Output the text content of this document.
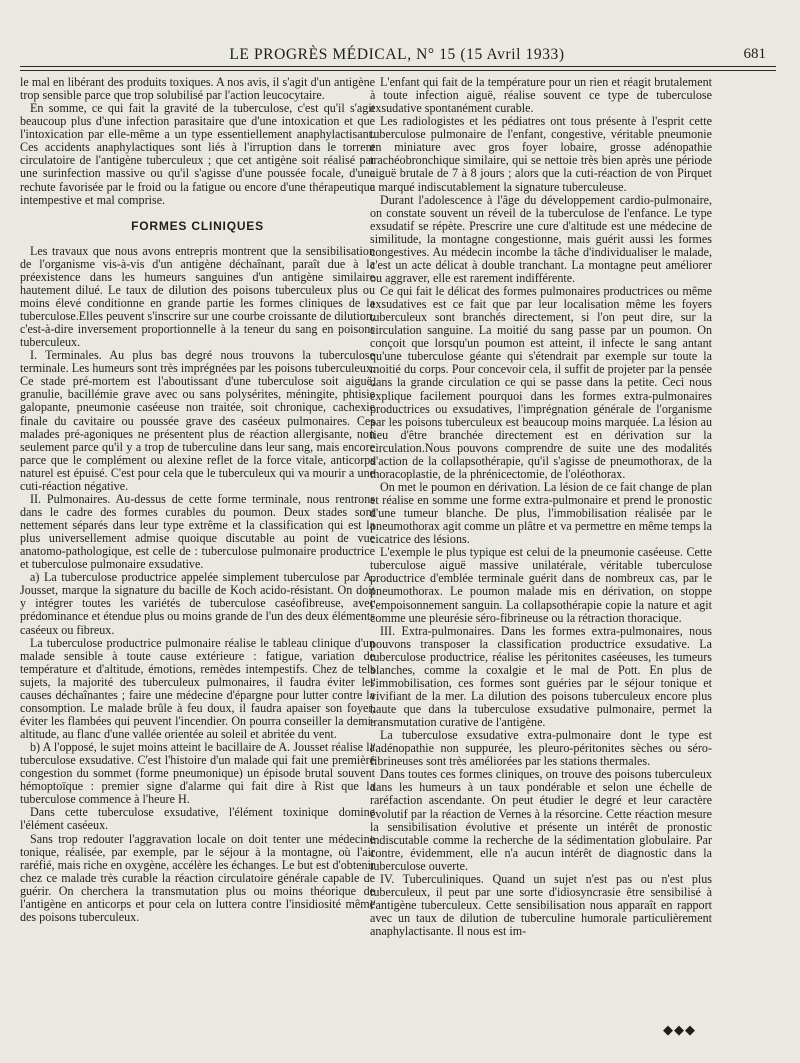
LE PROGRÈS MÉDICAL, N° 15 (15 Avril 1933)	681

le mal en libérant des produits toxiques. A nos avis, il s'agit d'un antigène trop sensible parce que trop solubilisé par l'action leucocytaire.

En somme, ce qui fait la gravité de la tuberculose, c'est qu'il s'agit beaucoup plus d'une infection parasitaire que d'une intoxication et que l'intoxication par elle-même a un type essentiellement anaphylactisant. Ces accidents anaphylactiques sont liés à l'irruption dans le torrent circulatoire de l'antigène tuberculeux ; que cet antigène soit réalisé par une surinfection massive ou qu'il s'agisse d'une poussée focale, d'une rechute favorisée par le froid ou la fatigue ou encore d'une thérapeutique intempestive et mal comprise.

FORMES CLINIQUES

Les travaux que nous avons entrepris montrent que la sensibilisation de l'organisme vis-à-vis d'un antigène déchaînant, paraît due à la préexistence dans les humeurs sanguines d'un antigène similaire hautement dilué. Le taux de dilution des poisons tuberculeux plus ou moins élevé conditionne en grande partie les formes cliniques de la tuberculose.Elles peuvent s'inscrire sur une courbe croissante de dilution, c'est-à-dire inversement proportionnelle à la teneur du sang en poisons tuberculeux.

I. Terminales. Au plus bas degré nous trouvons la tuberculose terminale. Les humeurs sont très imprégnées par les poisons tuberculeux. Ce stade pré-mortem est l'aboutissant d'une tuberculose soit aiguë, granulie, bacillémie grave avec ou sans polysérites, méningite, phtisie galopante, pneumonie caséeuse non traitée, soit chronique, cachexie finale du cavitaire ou poussée grave des caséeux pulmonaires. Ces malades pré-agoniques ne présentent plus de réaction allergisante, non seulement parce qu'il y a trop de tuberculine dans leur sang, mais encore parce que le complément ou alexine reflet de la force vitale, anticorps naturel est épuisé. C'est pour cela que le tuberculeux qui va mourir a une cuti-réaction négative.

II. Pulmonaires. Au-dessus de cette forme terminale, nous rentrons dans le cadre des formes curables du poumon. Deux stades sont nettement séparés dans leur type extrême et la classification qui est la plus universellement admise quoique discutable au point de vue anatomo-pathologique, est celle de : tuberculose pulmonaire productrice et tuberculose pulmonaire exsudative.

a) La tuberculose productrice appelée simplement tuberculose par A. Jousset, marque la signature du bacille de Koch acido-résistant. On doit y intégrer toutes les variétés de tuberculose caséofibreuse, avec prédominance et étendue plus ou moins grande de l'un des deux éléments caséeux ou fibreux.

La tuberculose productrice pulmonaire réalise le tableau clinique d'un malade sensible à toute cause extérieure : fatigue, variation de température et d'altitude, émotions, remèdes intempestifs. Chez de tels sujets, la majorité des tuberculeux pulmonaires, il faudra éviter les causes déchaînantes ; faire une médecine d'épargne pour lutter contre la consomption. Le malade brûle à feu doux, il faudra apaiser son foyer, éviter les flambées qui peuvent l'incendier. On pourra conseiller la demi-altitude, au flanc d'une vallée orientée au soleil et abritée du vent.

b) A l'opposé, le sujet moins atteint le bacillaire de A. Jousset réalise la tuberculose exsudative. C'est l'histoire d'un malade qui fait une première congestion du sommet (forme pneumonique) un épisode brutal souvent hémoptoïque : premier signe d'alarme qui fait dire à Rist que la tuberculose commence à l'heure H.

Dans cette tuberculose exsudative, l'élément toxinique domine l'élément caséeux.

Sans trop redouter l'aggravation locale on doit tenter une médecine tonique, réalisée, par exemple, par le séjour à la montagne, où l'air raréfié, mais riche en oxygène, accélère les échanges. Le but est d'obtenir chez ce malade très curable la réaction circulatoire générale capable de guérir. On cherchera la transmutation plus ou moins théorique de l'antigène en anticorps et pour cela on luttera contre l'insidiosité même des poisons tuberculeux.

L'enfant qui fait de la température pour un rien et réagit brutalement à toute infection aiguë, réalise souvent ce type de tuberculose exsudative spontanément curable.

Les radiologistes et les pédiatres ont tous présente à l'esprit cette tuberculose pulmonaire de l'enfant, congestive, véritable pneumonie en miniature avec gros foyer lobaire, grosse adénopathie trachéobronchique similaire, qui se nettoie très bien après une période aiguë brutale de 7 à 8 jours ; alors que la cuti-réaction de von Pirquet a marqué indiscutablement la signature tuberculeuse.

Durant l'adolescence à l'âge du développement cardio-pulmonaire, on constate souvent un réveil de la tuberculose de l'enfance. Le type exsudatif se répète. Prescrire une cure d'altitude est une médecine de similitude, la montagne congestionne, mais guérit aussi les formes congestives. Au médecin incombe la tâche d'individualiser le malade, c'est un acte délicat à double tranchant. La montagne peut améliorer ou aggraver, elle est rarement indifférente.

Ce qui fait le délicat des formes pulmonaires productrices ou même exsudatives est ce fait que par leur localisation même les foyers tuberculeux sont branchés directement, si l'on peut dire, sur la circulation sanguine. La moitié du sang passe par un poumon. On conçoit que lorsqu'un poumon est atteint, il infecte le sang antant qu'une tuberculose géante qui s'étendrait par exemple sur toute la moitié du corps. Pour concevoir cela, il suffit de projeter par la pensée dans la grande circulation ce qui se passe dans la petite. Ceci nous explique facilement pourquoi dans les formes extra-pulmonaires productrices ou exsudatives, l'imprégnation générale de l'organisme par les poisons tuberculeux est beaucoup moins marquée. La lésion au lieu d'être branchée directement est en dérivation sur la circulation.Nous pouvons comprendre de suite une des modalités d'action de la collapsothérapie, qu'il s'agisse de pneumothorax, de la thoracoplastie, de la phrénicectomie, de l'oléothorax.

On met le poumon en dérivation. La lésion de ce fait change de plan et réalise en somme une forme extra-pulmonaire et prend le pronostic d'une tumeur blanche. De plus, l'immobilisation réalisée par le pneumothorax agit comme un plâtre et va permettre en même temps la cicatrice des lésions.

L'exemple le plus typique est celui de la pneumonie caséeuse. Cette tuberculose aiguë massive unilatérale, véritable tuberculose productrice d'emblée terminale guérit dans de nombreux cas, par le pneumothorax. Le poumon malade mis en dérivation, on stoppe l'empoisonnement sanguin. La collapsothérapie copie la nature et agit comme une pleurésie séro-fibrineuse ou la rétraction thoracique.

III. Extra-pulmonaires. Dans les formes extra-pulmonaires, nous pouvons transposer la classification productrice exsudative. La tuberculose productrice, réalise les péritonites caséeuses, les tumeurs blanches, comme la coxalgie et le mal de Pott. En plus de l'immobilisation, ces formes sont guéries par le séjour tonique et vivifiant de la mer. La dilution des poisons tuberculeux encore plus haute que dans la tuberculose exsudative pulmonaire, permet la transmutation curative de l'antigène.

La tuberculose exsudative extra-pulmonaire dont le type est l'adénopathie non suppurée, les pleuro-péritonites sèches ou séro-fibrineuses sont très améliorées par les stations thermales.

Dans toutes ces formes cliniques, on trouve des poisons tuberculeux dans les humeurs à un taux pondérable et selon une échelle de raréfaction ascendante. On peut étudier le degré et leur caractère évolutif par la réaction de Vernes à la résorcine. Cette réaction mesure la sensibilisation évolutive et présente un intérêt de pronostic indiscutable comme la recherche de la sédimentation globulaire. Par contre, évidemment, elle n'a aucun intérêt de diagnostic dans la tuberculose ouverte.

IV. Tuberculiniques. Quand un sujet n'est pas ou n'est plus tuberculeux, il peut par une sorte d'idiosyncrasie être sensibilisé à l'antigène tuberculeux. Cette sensibilisation nous apparaît en rapport avec un taux de dilution de tuberculine humorale particulièrement anaphylactisante. Il nous est im-

◆◆◆
